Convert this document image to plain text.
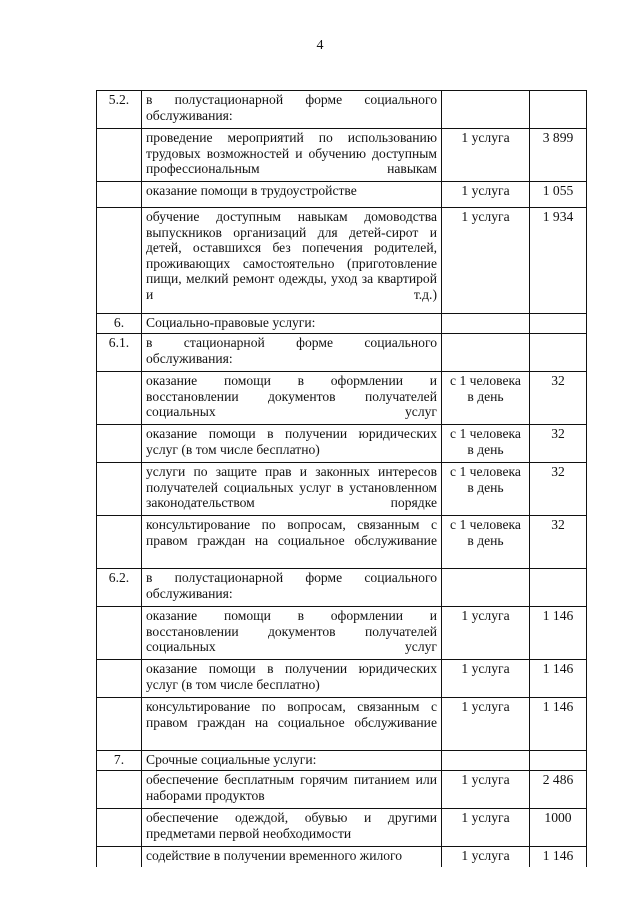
4
5.2.	в полустационарной форме социального обслуживания:		
	проведение мероприятий по использованию трудовых возможностей и обучению доступным профессиональным навыкам	1 услуга	3 899
	оказание помощи в трудоустройстве	1 услуга	1 055
	обучение доступным навыкам домоводства выпускников организаций для детей-сирот и детей, оставшихся без попечения родителей, проживающих самостоятельно (приготовление пищи, мелкий ремонт одежды, уход за квартирой и т.д.)	1 услуга	1 934
6.	Социально-правовые услуги:		
6.1.	в стационарной форме социального обслуживания:		
	оказание помощи в оформлении и восстановлении документов получателей социальных услуг	с 1 человека в день	32
	оказание помощи в получении юридических услуг (в том числе бесплатно)	с 1 человека в день	32
	услуги по защите прав и законных интересов получателей социальных услуг в установленном законодательством порядке	с 1 человека в день	32
	консультирование по вопросам, связанным с правом граждан на социальное обслуживание	с 1 человека в день	32
6.2.	в полустационарной форме социального обслуживания:		
	оказание помощи в оформлении и восстановлении документов получателей социальных услуг	1 услуга	1 146
	оказание помощи в получении юридических услуг (в том числе бесплатно)	1 услуга	1 146
	консультирование по вопросам, связанным с правом граждан на социальное обслуживание	1 услуга	1 146
7.	Срочные социальные услуги:		
	обеспечение бесплатным горячим питанием или наборами продуктов	1 услуга	2 486
	обеспечение одеждой, обувью и другими предметами первой необходимости	1 услуга	1000
	содействие в получении временного жилого	1 услуга	1 146
